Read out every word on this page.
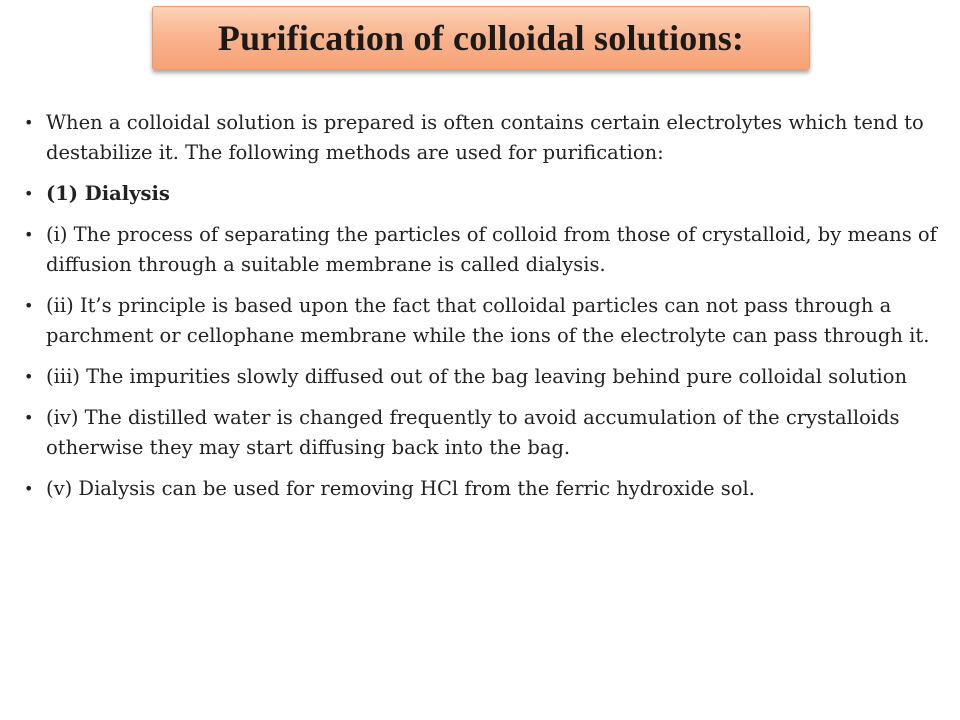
Purification of colloidal solutions:
• When a colloidal solution is prepared is often contains certain electrolytes which tend to destabilize it. The following methods are used for purification:
• (1) Dialysis
• (i) The process of separating the particles of colloid from those of crystalloid, by means of diffusion through a suitable membrane is called dialysis.
• (ii) It’s principle is based upon the fact that colloidal particles can not pass through a parchment or cellophane membrane while the ions of the electrolyte can pass through it.
• (iii) The impurities slowly diffused out of the bag leaving behind pure colloidal solution
• (iv) The distilled water is changed frequently to avoid accumulation of the crystalloids otherwise they may start diffusing back into the bag.
• (v) Dialysis can be used for removing HCl from the ferric hydroxide sol.
